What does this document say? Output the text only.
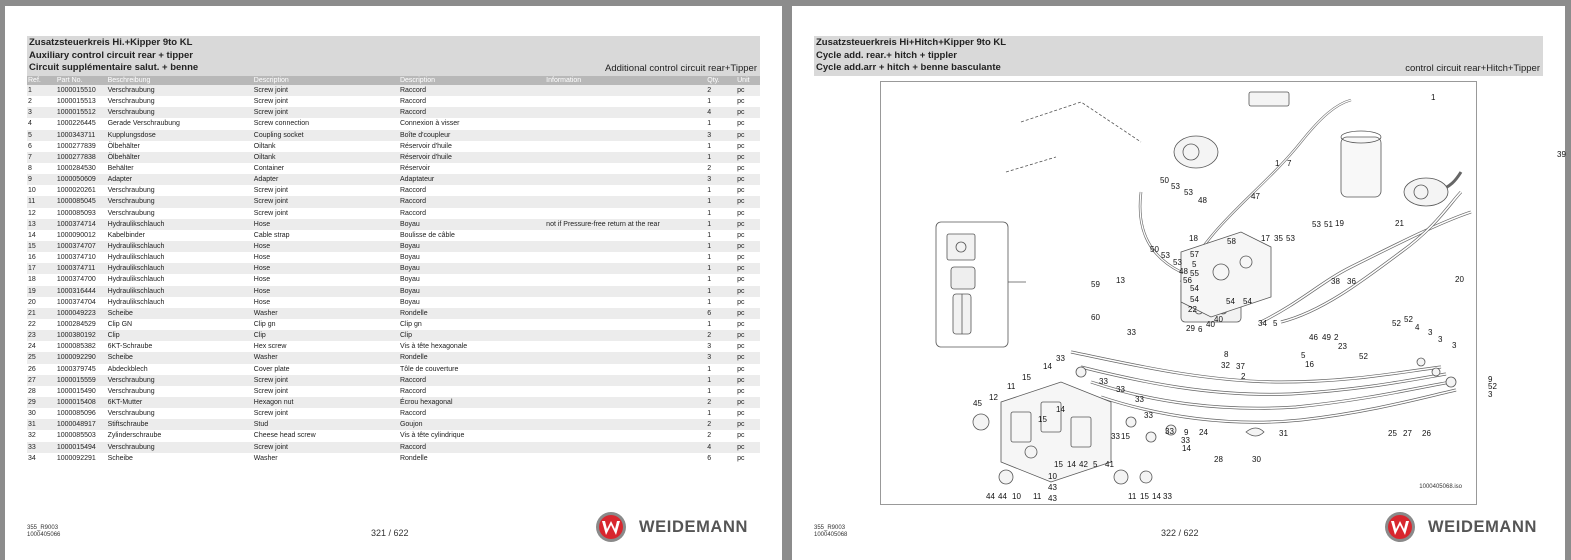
Zusatzsteuerkreis Hi.+Kipper 9to KL
Auxiliary control circuit rear + tipper
Circuit supplémentaire salut. + benne	Additional control circuit rear+Tipper
Ref.	Part No.	Beschreibung	Description	Description	Information	Qty.	Unit
1	1000015510	Verschraubung	Screw joint	Raccord	2	pc
2	1000015513	Verschraubung	Screw joint	Raccord	1	pc
3	1000015512	Verschraubung	Screw joint	Raccord	4	pc
4	1000226445	Gerade Verschraubung	Screw connection	Connexion à visser	1	pc
5	1000343711	Kupplungsdose	Coupling socket	Boîte d'coupleur	3	pc
6	1000277839	Ölbehälter	Oiltank	Réservoir d'huile	1	pc
7	1000277838	Ölbehälter	Oiltank	Réservoir d'huile	1	pc
8	1000284530	Behälter	Container	Réservoir	2	pc
9	1000050609	Adapter	Adapter	Adaptateur	3	pc
10	1000020261	Verschraubung	Screw joint	Raccord	1	pc
11	1000085045	Verschraubung	Screw joint	Raccord	1	pc
12	1000085093	Verschraubung	Screw joint	Raccord	1	pc
13	1000374714	Hydraulikschlauch	Hose	Boyau	not if Pressure-free return at the rear	1	pc
14	1000090012	Kabelbinder	Cable strap	Boulisse de câble	1	pc
15	1000374707	Hydraulikschlauch	Hose	Boyau	1	pc
16	1000374710	Hydraulikschlauch	Hose	Boyau	1	pc
17	1000374711	Hydraulikschlauch	Hose	Boyau	1	pc
18	1000374700	Hydraulikschlauch	Hose	Boyau	1	pc
19	1000316444	Hydraulikschlauch	Hose	Boyau	1	pc
20	1000374704	Hydraulikschlauch	Hose	Boyau	1	pc
21	1000049223	Scheibe	Washer	Rondelle	6	pc
22	1000284529	Clip GN	Clip gn	Clip gn	1	pc
23	1000380192	Clip	Clip	Clip	2	pc
24	1000085382	6KT-Schraube	Hex screw	Vis à tête hexagonale	3	pc
25	1000092290	Scheibe	Washer	Rondelle	3	pc
26	1000379745	Abdeckblech	Cover plate	Tôle de couverture	1	pc
27	1000015559	Verschraubung	Screw joint	Raccord	1	pc
28	1000015490	Verschraubung	Screw joint	Raccord	1	pc
29	1000015408	6KT-Mutter	Hexagon nut	Écrou hexagonal	2	pc
30	1000085096	Verschraubung	Screw joint	Raccord	1	pc
31	1000048917	Stiftschraube	Stud	Goujon	2	pc
32	1000085503	Zylinderschraube	Cheese head screw	Vis à tête cylindrique	2	pc
33	1000015494	Verschraubung	Screw joint	Raccord	4	pc
34	1000092291	Scheibe	Washer	Rondelle	6	pc
355_R9003
1000405066	321 / 622	WEIDEMANN
Zusatzsteuerkreis Hi+Hitch+Kipper 9to KL
Cycle add. rear.+ hitch + tippler
Cycle add.arr + hitch + benne basculante	control circuit rear+Hitch+Tipper
1
1 7
39
50
53
53
48	47
19	21
53 51
18	58	17 35 53
50
53	57
5
53
48 55
56
54
54	54 54
13
59
60
20
38 36
22
40
40
6
29
34 5
33
46 49 2
52 52
4
3
3
3
23
52
8
32 37
5
16
2	9
52
3
33
14
15	33
33
11
33
33
45
12
14
15
9 24	25 27 26
31
33
33
14
33 15
15 14 42 5 41
28	30
10
43
43
44 44 10 11	11 15 14 33
1000405068.iso
355_R9003
1000405068	322 / 622	WEIDEMANN
